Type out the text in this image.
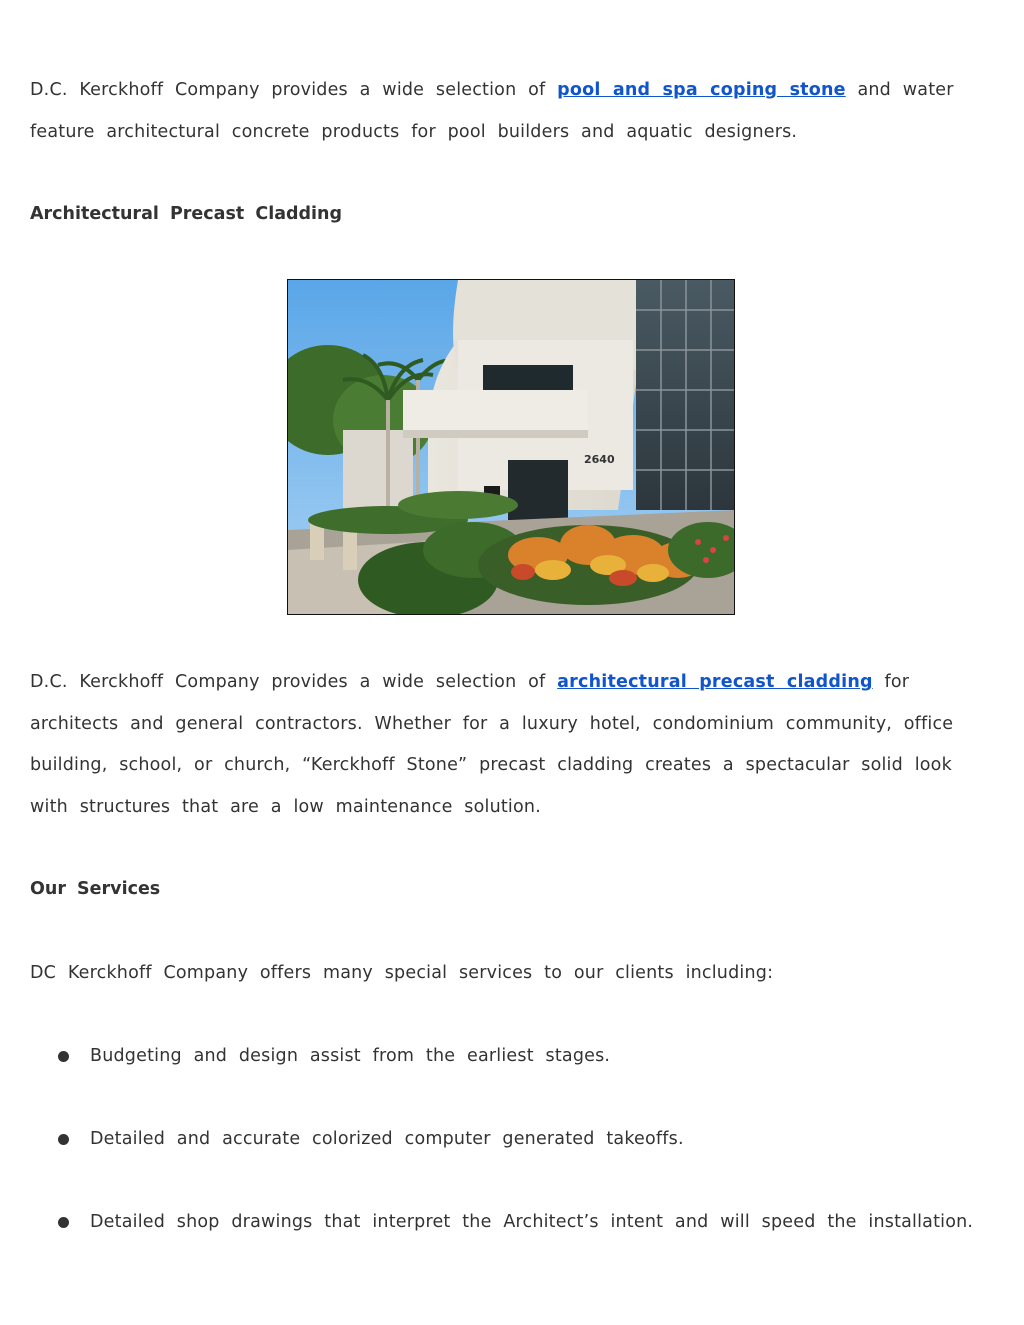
D.C. Kerckhoff Company provides a wide selection of pool and spa coping stone and water feature architectural concrete products for pool builders and aquatic designers.

Architectural Precast Cladding
2640

D.C. Kerckhoff Company provides a wide selection of architectural precast cladding for architects and general contractors. Whether for a luxury hotel, condominium community, office building, school, or church, “Kerckhoff Stone” precast cladding creates a spectacular solid look with structures that are a low maintenance solution.

Our Services

DC Kerckhoff Company offers many special services to our clients including:

Budgeting and design assist from the earliest stages.
Detailed and accurate colorized computer generated takeoffs.
Detailed shop drawings that interpret the Architect’s intent and will speed the installation.
